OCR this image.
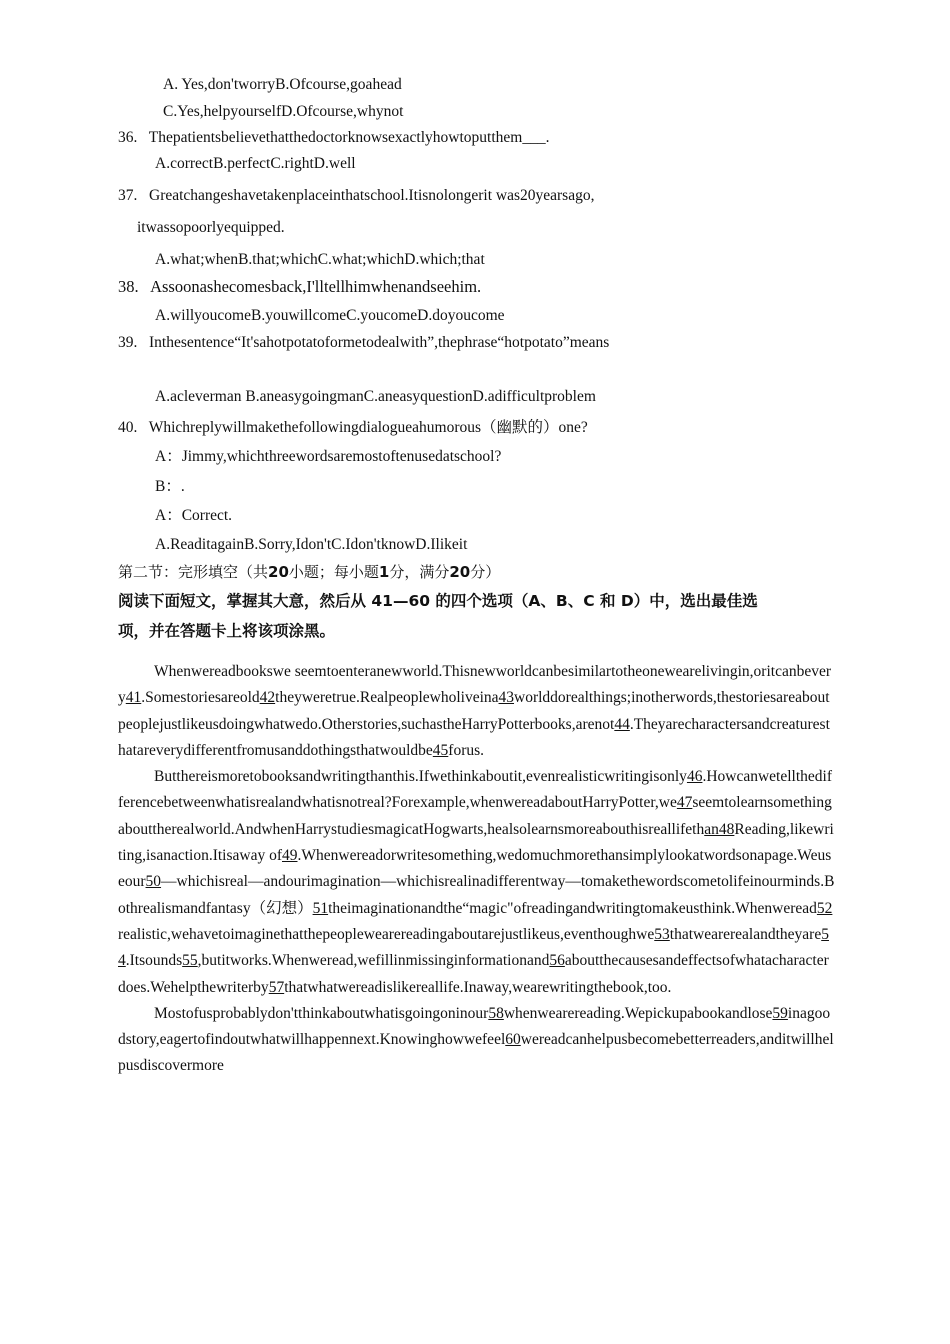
A. Yes,don'tworryB.Ofcourse,goahead
C.Yes,helpyourselfD.Ofcourse,whynot
36. Thepatientsbelievethatthedoctorknowsexactlyhowtoputthem___.
A.correctB.perfectC.rightD.well
37. Greatchangeshavetakenplaceinthatschool.Itisnolongerit was20yearsago,
itwassopoorlyequipped.
A.what;whenB.that;whichC.what;whichD.which;that
38. Assoonashecomesback,I'lltellhimwhenandseehim.
A.willyoucomeB.youwillcomeC.youcomeD.doyoucome
39. Inthesentence“It'sahotpotatoformetodealwith”,thephrase“hotpotato”means
A.acleverman B.aneasygoingmanC.aneasyquestionD.adifficultproblem
40. Whichreplywillmakethefollowingdialogueahumorous（幽默的）one?
A：Jimmy,whichthreewordsaremostoftenusedatschool?
B：.
A：Correct.
A.ReaditagainB.Sorry,Idon'tC.Idon'tknowD.Ilikeit
第二节：完形填空（共20小题；每小题1分，满分20分）
阅读下面短文，掌握其大意，然后从 41—60 的四个选项（A、B、C 和 D）中，选出最佳选
项，并在答题卡上将该项涂黑。

Whenwereadbookswe seemtoenteranewworld.Thisnewworldcanbesimilartotheonewearelivingin,oritcanbevery41.Somestoriesareold42theyweretrue.Realpeoplewholiveina43worlddorealthings;inotherwords,thestoriesareaboutpeoplejustlikeusdoingwhatwedo.Otherstories,suchastheHarryPotterbooks,arenot44.Theyarecharactersandcreaturesthatareverydifferentfromusanddothingsthatwouldbe45forus.

Butthereismoretobooksandwritingthanthis.Ifwethinkaboutit,evenrealisticwritingisonly46.Howcanwetellthedifferencebetweenwhatisrealandwhatisnotreal?Forexample,whenwereadaboutHarryPotter,we47seemtolearnsomethingabouttherealworld.AndwhenHarrystudiesmagicatHogwarts,healsolearnsmoreabouthisreallifethan48Reading,likewriting,isanaction.Itisaway of49.Whenwereadorwritesomething,wedomuchmorethansimplylookatwordsonapage.Weuseour50—whichisreal—andourimagination—whichisrealinadifferentway—tomakethewordscometolifeinourminds.Bothrealismandfantasy（幻想）51theimaginationandthe“magic"ofreadingandwritingtomakeusthink.Whenweread52realistic,wehavetoimaginethatthepeoplewearereadingaboutarejustlikeus,eventhoughwe53thatwearerealandtheyare54.Itsounds55,butitworks.Whenweread,wefillinmissinginformationand56aboutthecausesandeffectsofwhatacharacterdoes.Wehelpthewriterby57thatwhatwereadislikereallife.Inaway,wearewritingthebook,too.

Mostofusprobablydon'tthinkaboutwhatisgoingoninour58whenwearereading.Wepickupabookandlose59inagoodstory,eagertofindoutwhatwillhappennext.Knowinghowwefeel60wereadcanhelpusbecomebetterreaders,anditwillhelpusdiscovermore
